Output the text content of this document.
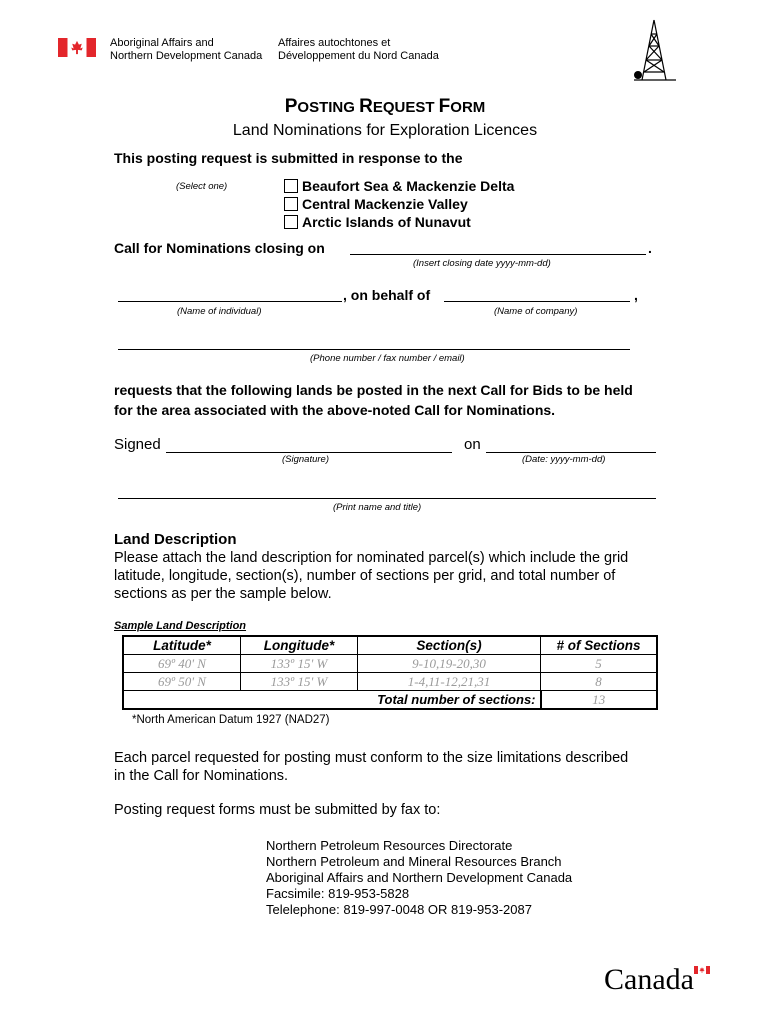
Aboriginal Affairs and
Northern Development Canada
Affaires autochtones et
Développement du Nord Canada
POSTING REQUEST FORM
Land Nominations for Exploration Licences
This posting request is submitted in response to the
(Select one)	Beaufort Sea & Mackenzie Delta
Central Mackenzie Valley
Arctic Islands of Nunavut
Call for Nominations closing on	.
(Insert closing date yyyy-mm-dd)
, on behalf of	,
(Name of individual)	(Name of company)
(Phone number / fax number / email)
requests that the following lands be posted in the next Call for Bids to be held
for the area associated with the above-noted Call for Nominations.
Signed	on
(Signature)	(Date: yyyy-mm-dd)
(Print name and title)
Land Description
Please attach the land description for nominated parcel(s) which include the grid
latitude, longitude, section(s), number of sections per grid, and total number of
sections as per the sample below.
Sample Land Description
Latitude*	Longitude*	Section(s)	# of Sections
69º 40' N	133º 15' W	9-10,19-20,30	5
69º 50' N	133º 15' W	1-4,11-12,21,31	8
Total number of sections:			13
*North American Datum 1927 (NAD27)
Each parcel requested for posting must conform to the size limitations described
in the Call for Nominations.
Posting request forms must be submitted by fax to:
Northern Petroleum Resources Directorate
Northern Petroleum and Mineral Resources Branch
Aboriginal Affairs and Northern Development Canada
Facsimile: 819-953-5828
Telelephone: 819-997-0048 OR 819-953-2087
Canada
